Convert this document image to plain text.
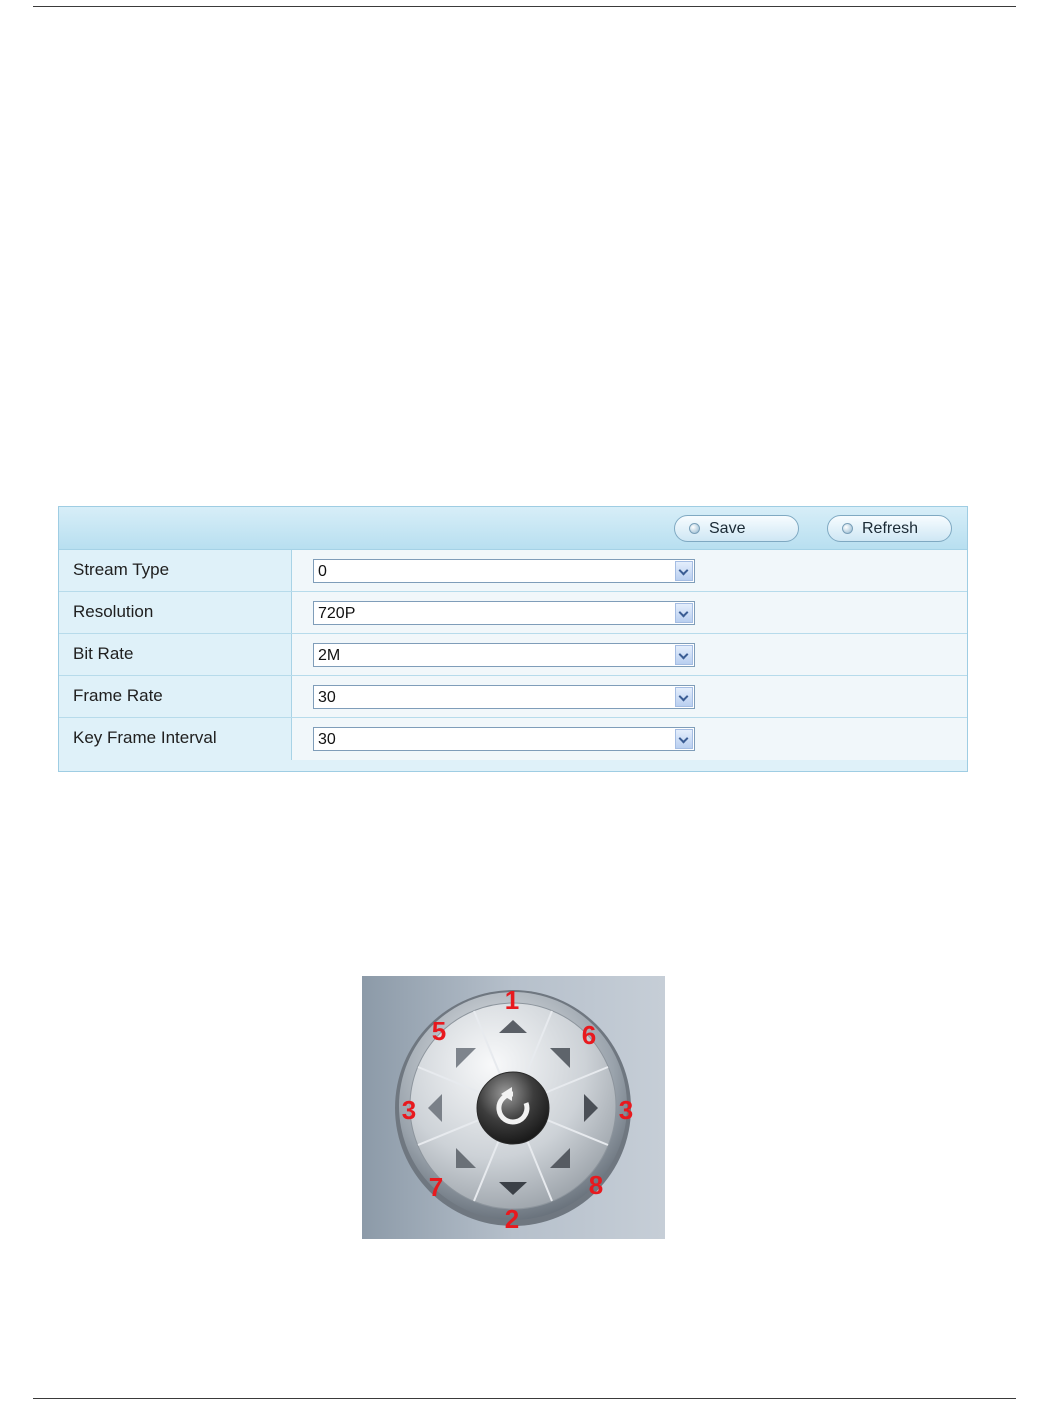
Save	Refresh
Stream Type	0
Resolution	720P
Bit Rate	2M
Frame Rate	30
Key Frame Interval	30
1
2
3	3
5	6
7	8
